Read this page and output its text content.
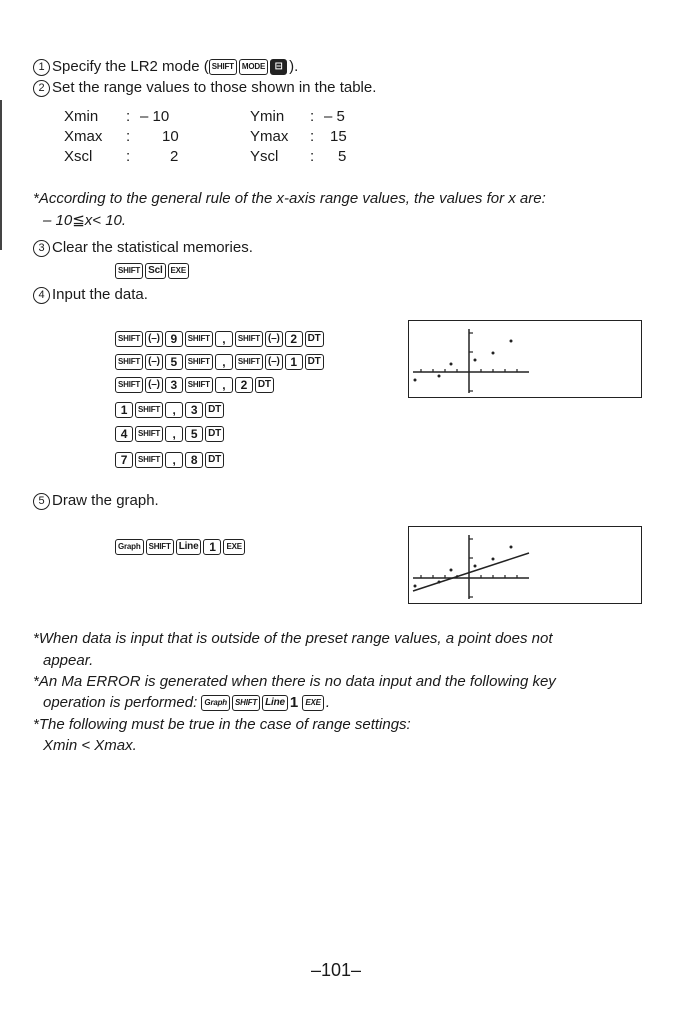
1 Specify the LR2 mode ( SHIFT MODE ⊟ ).
2 Set the range values to those shown in the table.
Xmin	:	– 10	Ymin	:	– 5
Xmax	:	10	Ymax	:	15
Xscl	:	2	Yscl	:	5
*According to the general rule of the x-axis range values, the values for x are:
– 10≦x< 10.
3 Clear the statistical memories.
SHIFT Scl EXE
4 Input the data.
SHIFT (–) 9 SHIFT , SHIFT (–) 2 DT
SHIFT (–) 5 SHIFT , SHIFT (–) 1 DT
SHIFT (–) 3 SHIFT , 2 DT
1 SHIFT , 3 DT
4 SHIFT , 5 DT
7 SHIFT , 8 DT
5 Draw the graph.
Graph SHIFT Line 1 EXE
*When data is input that is outside of the preset range values, a point does not
appear.
*An Ma ERROR is generated when there is no data input and the following key
operation is performed: Graph SHIFT Line 1 EXE .
*The following must be true in the case of range settings:
Xmin < Xmax.
–101–
